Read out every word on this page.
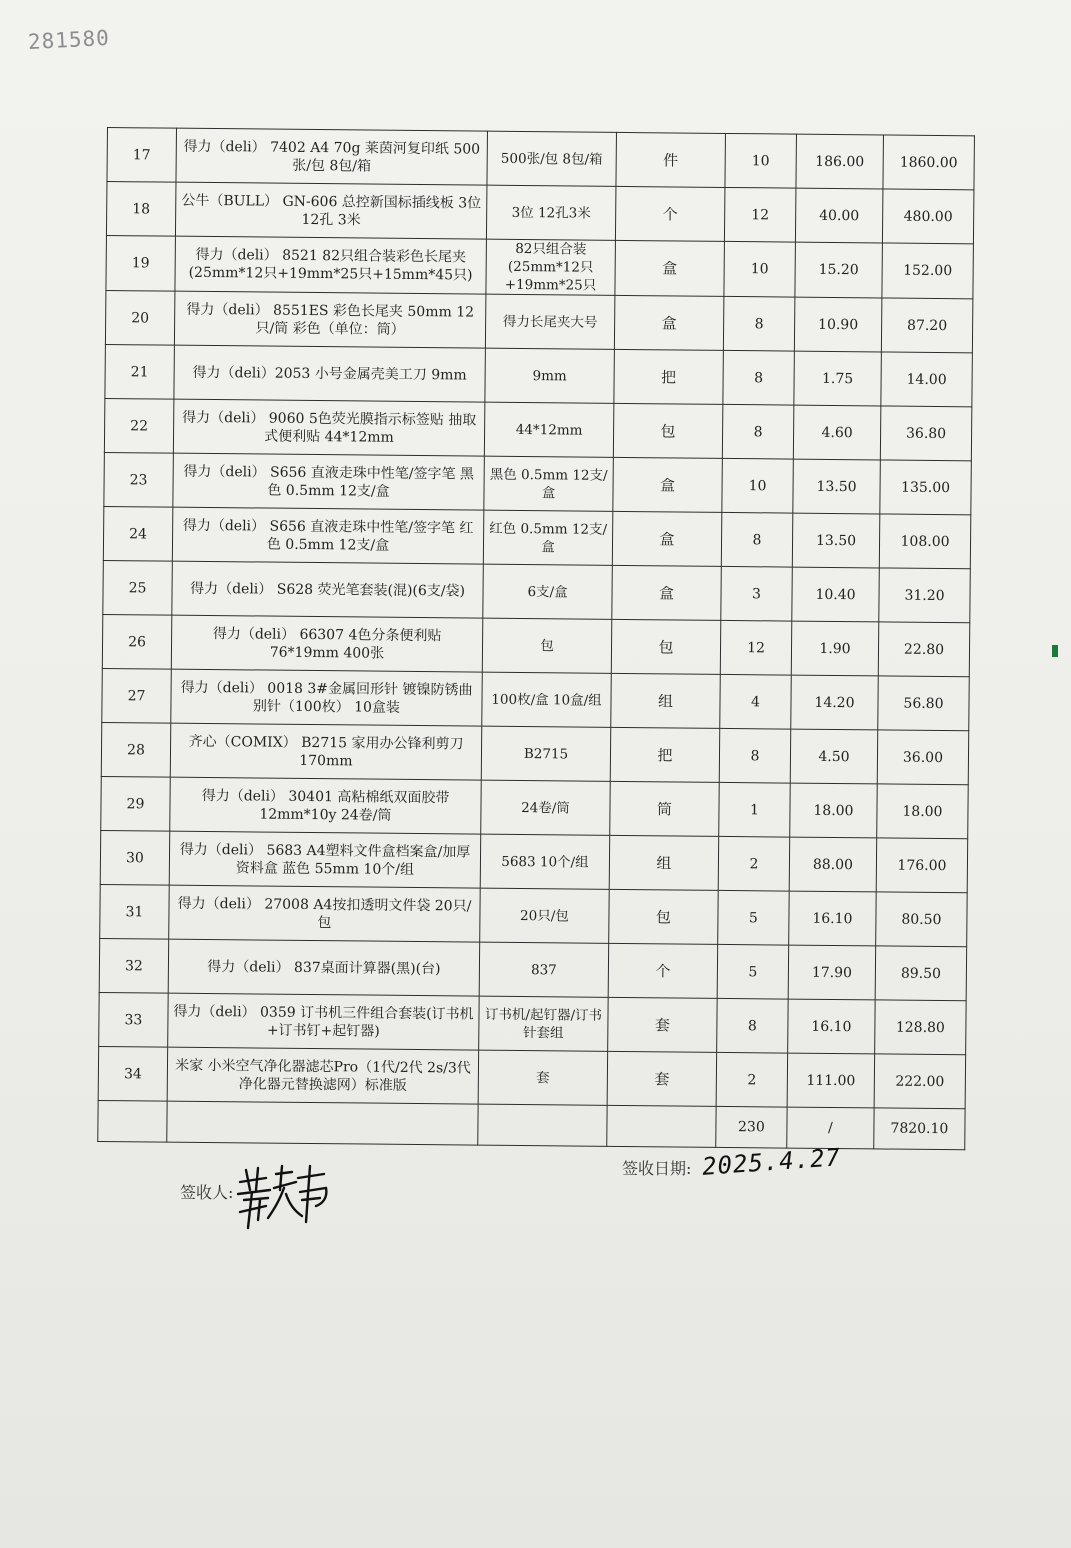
281580
17	得力（deli） 7402 A4 70g 莱茵河复印纸 500张/包 8包/箱	500张/包 8包/箱	件	10	186.00	1860.00
18	公牛（BULL） GN-606 总控新国标插线板 3位 12孔 3米	3位 12孔3米	个	12	40.00	480.00
19	得力（deli） 8521 82只组合装彩色长尾夹(25mm*12只+19mm*25只+15mm*45只)	82只组合装(25mm*12只+19mm*25只	盒	10	15.20	152.00
20	得力（deli） 8551ES 彩色长尾夹 50mm 12只/筒 彩色（单位：筒）	得力长尾夹大号	盒	8	10.90	87.20
21	得力（deli）2053 小号金属壳美工刀 9mm	9mm	把	8	1.75	14.00
22	得力（deli） 9060 5色荧光膜指示标签贴 抽取式便利贴 44*12mm	44*12mm	包	8	4.60	36.80
23	得力（deli） S656 直液走珠中性笔/签字笔 黑色 0.5mm 12支/盒	黑色 0.5mm 12支/盒	盒	10	13.50	135.00
24	得力（deli） S656 直液走珠中性笔/签字笔 红色 0.5mm 12支/盒	红色 0.5mm 12支/盒	盒	8	13.50	108.00
25	得力（deli） S628 荧光笔套装(混)(6支/袋)	6支/盒	盒	3	10.40	31.20
26	得力（deli） 66307 4色分条便利贴 76*19mm 400张	包	包	12	1.90	22.80
27	得力（deli） 0018 3#金属回形针 镀镍防锈曲别针（100枚） 10盒装	100枚/盒 10盒/组	组	4	14.20	56.80
28	齐心（COMIX） B2715 家用办公锋利剪刀 170mm	B2715	把	8	4.50	36.00
29	得力（deli） 30401 高粘棉纸双面胶带 12mm*10y 24卷/筒	24卷/筒	筒	1	18.00	18.00
30	得力（deli） 5683 A4塑料文件盒档案盒/加厚资料盒 蓝色 55mm 10个/组	5683 10个/组	组	2	88.00	176.00
31	得力（deli） 27008 A4按扣透明文件袋 20只/包	20只/包	包	5	16.10	80.50
32	得力（deli） 837桌面计算器(黑)(台)	837	个	5	17.90	89.50
33	得力（deli） 0359 订书机三件组合套装(订书机+订书钉+起钉器)	订书机/起钉器/订书针套组	套	8	16.10	128.80
34	米家 小米空气净化器滤芯Pro（1代/2代 2s/3代净化器元替换滤网）标准版	套	套	2	111.00	222.00
				230	/	7820.10
签收人:
签收日期: 2025.4.27
